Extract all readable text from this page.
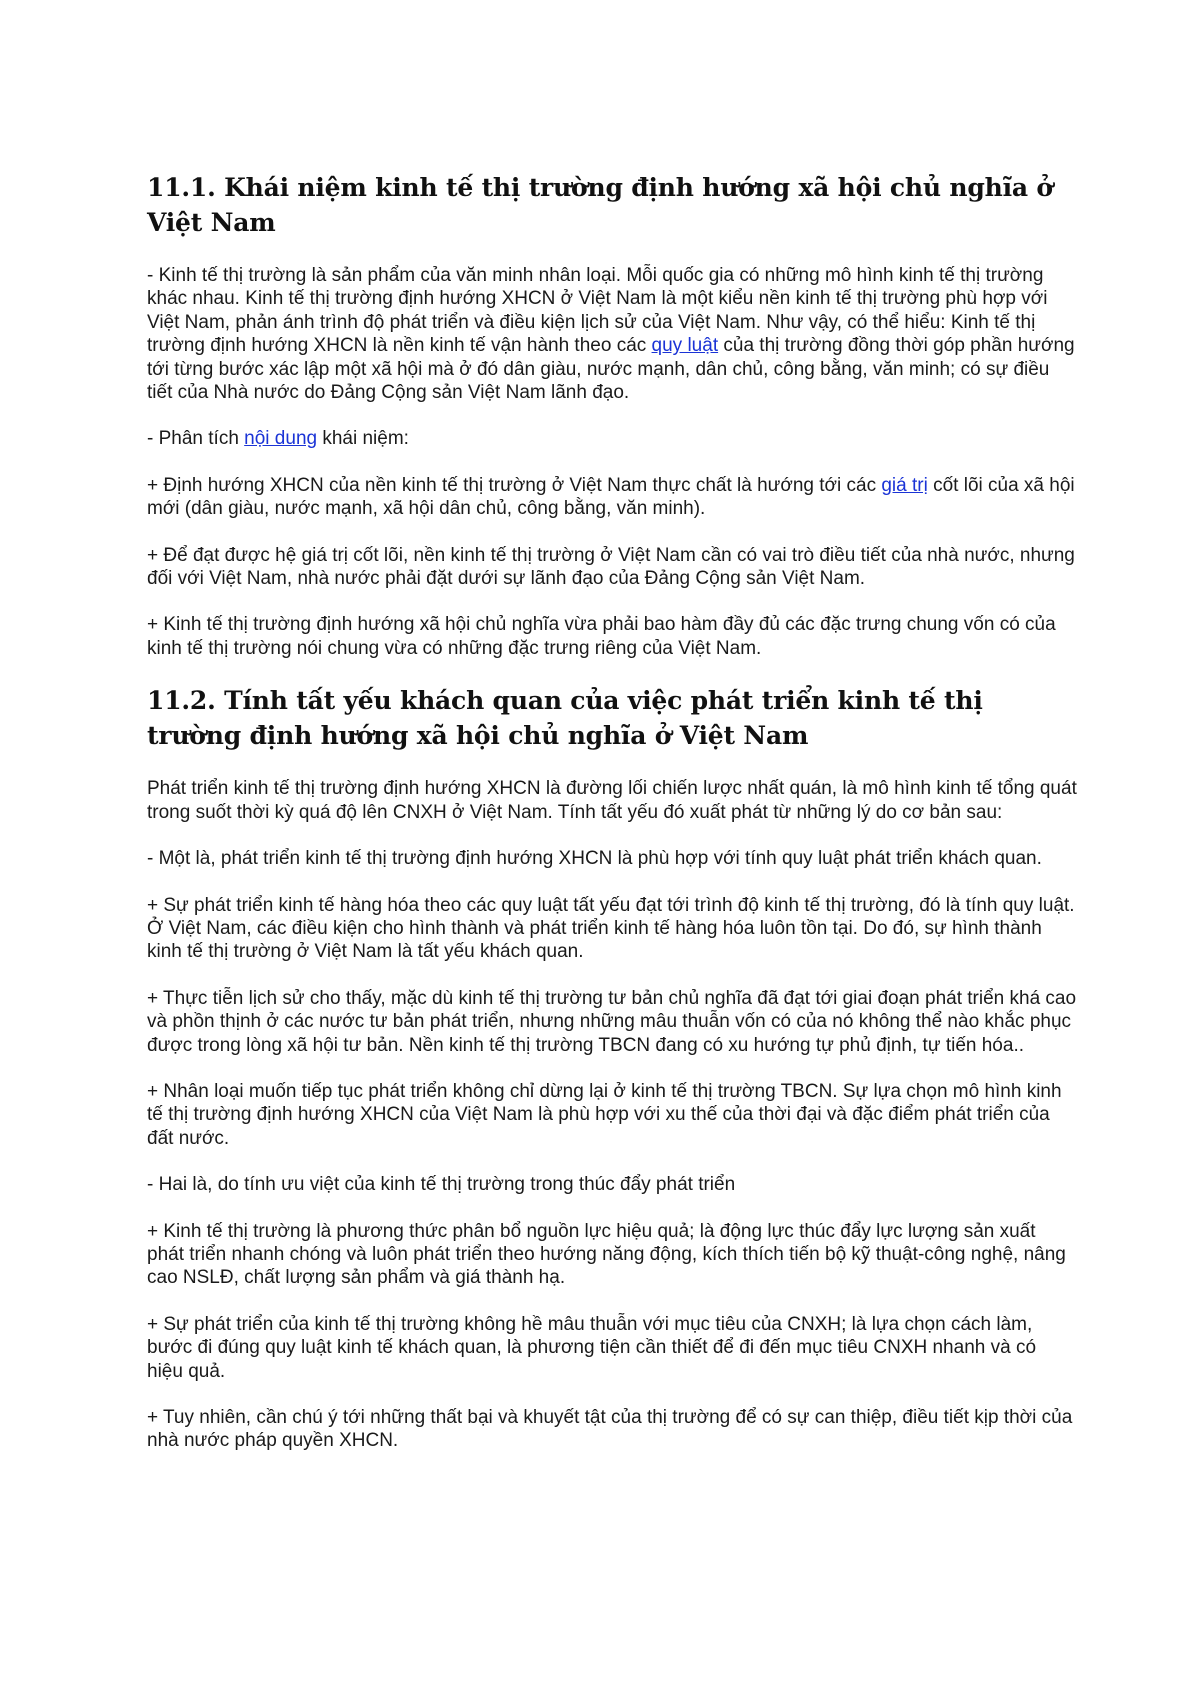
11.1. Khái niệm kinh tế thị trường định hướng xã hội chủ nghĩa ở Việt Nam

- Kinh tế thị trường là sản phẩm của văn minh nhân loại. Mỗi quốc gia có những mô hình kinh tế thị trường khác nhau. Kinh tế thị trường định hướng XHCN ở Việt Nam là một kiểu nền kinh tế thị trường phù hợp với Việt Nam, phản ánh trình độ phát triển và điều kiện lịch sử của Việt Nam. Như vậy, có thể hiểu: Kinh tế thị trường định hướng XHCN là nền kinh tế vận hành theo các quy luật của thị trường đồng thời góp phần hướng tới từng bước xác lập một xã hội mà ở đó dân giàu, nước mạnh, dân chủ, công bằng, văn minh; có sự điều tiết của Nhà nước do Đảng Cộng sản Việt Nam lãnh đạo.

- Phân tích nội dung khái niệm:

+ Định hướng XHCN của nền kinh tế thị trường ở Việt Nam thực chất là hướng tới các giá trị cốt lõi của xã hội mới (dân giàu, nước mạnh, xã hội dân chủ, công bằng, văn minh).

+ Để đạt được hệ giá trị cốt lõi, nền kinh tế thị trường ở Việt Nam cần có vai trò điều tiết của nhà nước, nhưng đối với Việt Nam, nhà nước phải đặt dưới sự lãnh đạo của Đảng Cộng sản Việt Nam.

+ Kinh tế thị trường định hướng xã hội chủ nghĩa vừa phải bao hàm đầy đủ các đặc trưng chung vốn có của kinh tế thị trường nói chung vừa có những đặc trưng riêng của Việt Nam.

11.2. Tính tất yếu khách quan của việc phát triển kinh tế thị trường định hướng xã hội chủ nghĩa ở Việt Nam

Phát triển kinh tế thị trường định hướng XHCN là đường lối chiến lược nhất quán, là mô hình kinh tế tổng quát trong suốt thời kỳ quá độ lên CNXH ở Việt Nam. Tính tất yếu đó xuất phát từ những lý do cơ bản sau:

- Một là, phát triển kinh tế thị trường định hướng XHCN là phù hợp với tính quy luật phát triển khách quan.

+ Sự phát triển kinh tế hàng hóa theo các quy luật tất yếu đạt tới trình độ kinh tế thị trường, đó là tính quy luật. Ở Việt Nam, các điều kiện cho hình thành và phát triển kinh tế hàng hóa luôn tồn tại. Do đó, sự hình thành kinh tế thị trường ở Việt Nam là tất yếu khách quan.

+ Thực tiễn lịch sử cho thấy, mặc dù kinh tế thị trường tư bản chủ nghĩa đã đạt tới giai đoạn phát triển khá cao và phồn thịnh ở các nước tư bản phát triển, nhưng những mâu thuẫn vốn có của nó không thể nào khắc phục được trong lòng xã hội tư bản. Nền kinh tế thị trường TBCN đang có xu hướng tự phủ định, tự tiến hóa..

+ Nhân loại muốn tiếp tục phát triển không chỉ dừng lại ở kinh tế thị trường TBCN. Sự lựa chọn mô hình kinh tế thị trường định hướng XHCN của Việt Nam là phù hợp với xu thế của thời đại và đặc điểm phát triển của đất nước.

- Hai là, do tính ưu việt của kinh tế thị trường trong thúc đẩy phát triển

+ Kinh tế thị trường là phương thức phân bổ nguồn lực hiệu quả; là động lực thúc đẩy lực lượng sản xuất phát triển nhanh chóng và luôn phát triển theo hướng năng động, kích thích tiến bộ kỹ thuật-công nghệ, nâng cao NSLĐ, chất lượng sản phẩm và giá thành hạ.

+ Sự phát triển của kinh tế thị trường không hề mâu thuẫn với mục tiêu của CNXH; là lựa chọn cách làm, bước đi đúng quy luật kinh tế khách quan, là phương tiện cần thiết để đi đến mục tiêu CNXH nhanh và có hiệu quả.

+ Tuy nhiên, cần chú ý tới những thất bại và khuyết tật của thị trường để có sự can thiệp, điều tiết kịp thời của nhà nước pháp quyền XHCN.
